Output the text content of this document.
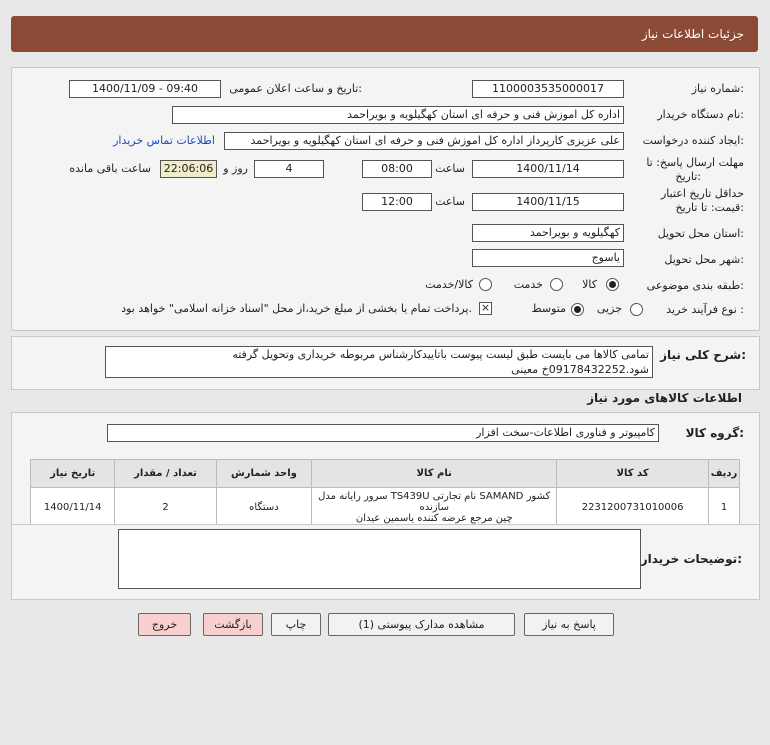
جزئیات اطلاعات نیاز
شماره نیاز:
1100003535000017
تاریخ و ساعت اعلان عمومی:
1400/11/09 - 09:40
نام دستگاه خریدار:
اداره کل اموزش فنی و حرفه ای استان کهگیلویه و بویراحمد
ایجاد کننده درخواست:
علی عزیزی کارپرداز اداره کل اموزش فنی و حرفه ای استان کهگیلویه و بویراحمد
اطلاعات تماس خریدار
مهلت ارسال پاسخ: تا
تاریخ:
1400/11/14
ساعت
08:00
4
روز و
22:06:06
ساعت باقی مانده
حداقل تاریخ اعتبار
قیمت: تا تاریخ:
1400/11/15
ساعت
12:00
استان محل تحویل:
کهگیلویه و بویراحمد
شهر محل تحویل:
یاسوج
طبقه بندی موضوعی:
کالا
خدمت
کالا/خدمت
نوع فرآیند خرید :
جزیی
متوسط
×
پرداخت تمام یا بخشی از مبلغ خرید،از محل "اسناد خزانه اسلامی" خواهد بود.
شرح کلی نیاز:
تمامی کالاها می بایست طبق لیست پیوست باتاییدکارشناس مربوطه خریداری وتحویل گرفته
شود.09178432252خ معینی
اطلاعات کالاهای مورد نیاز
گروه کالا:
کامپیوتر و فناوری اطلاعات-سخت افزار
تاریخ نیاز	تعداد / مقدار	واحد شمارش	نام کالا	کد کالا	ردیف
1400/11/14	2	دستگاه	سرور رایانه مدل TS439U نام تجارتی SAMAND کشور سازنده
چین مرجع عرضه کننده یاسمین عیدان	2231200731010006	1
توضیحات خریدار:
پاسخ به نیاز
مشاهده مدارک پیوستی (1)
چاپ
بازگشت
خروج
